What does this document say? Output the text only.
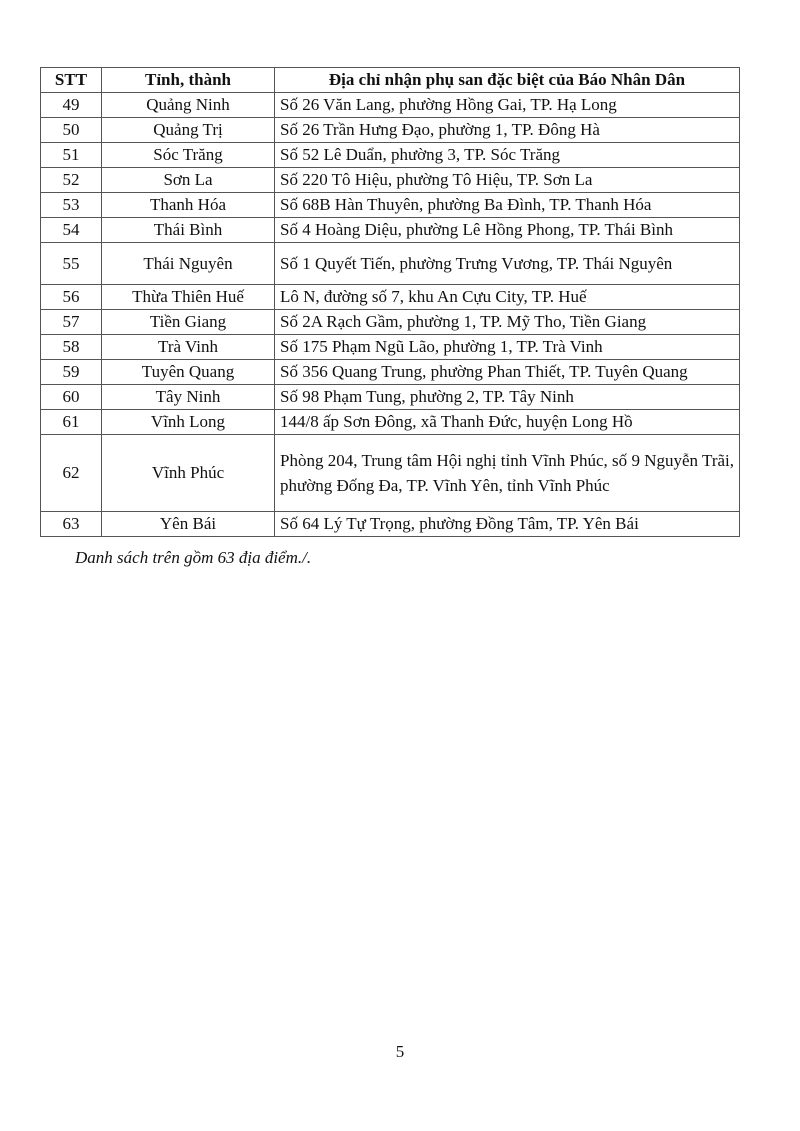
STT	Tỉnh, thành	Địa chỉ nhận phụ san đặc biệt của Báo Nhân Dân
49	Quảng Ninh	Số 26 Văn Lang, phường Hồng Gai, TP. Hạ Long
50	Quảng Trị	Số 26 Trần Hưng Đạo, phường 1, TP. Đông Hà
51	Sóc Trăng	Số 52 Lê Duẩn, phường 3, TP. Sóc Trăng
52	Sơn La	Số 220 Tô Hiệu, phường Tô Hiệu, TP. Sơn La
53	Thanh Hóa	Số 68B Hàn Thuyên, phường Ba Đình, TP. Thanh Hóa
54	Thái Bình	Số 4 Hoàng Diệu, phường Lê Hồng Phong, TP. Thái Bình
55	Thái Nguyên	Số 1 Quyết Tiến, phường Trưng Vương, TP. Thái Nguyên
56	Thừa Thiên Huế	Lô N, đường số 7, khu An Cựu City, TP. Huế
57	Tiền Giang	Số 2A Rạch Gầm, phường 1, TP. Mỹ Tho, Tiền Giang
58	Trà Vinh	Số 175 Phạm Ngũ Lão, phường 1, TP. Trà Vinh
59	Tuyên Quang	Số 356 Quang Trung, phường Phan Thiết, TP. Tuyên Quang
60	Tây Ninh	Số 98 Phạm Tung, phường 2, TP. Tây Ninh
61	Vĩnh Long	144/8 ấp Sơn Đông, xã Thanh Đức, huyện Long Hồ
62	Vĩnh Phúc	Phòng 204, Trung tâm Hội nghị tỉnh Vĩnh Phúc, số 9 Nguyễn Trãi, phường Đống Đa, TP. Vĩnh Yên, tỉnh Vĩnh Phúc
63	Yên Bái	Số 64 Lý Tự Trọng, phường Đồng Tâm, TP. Yên Bái
Danh sách trên gồm 63 địa điểm./.
5
